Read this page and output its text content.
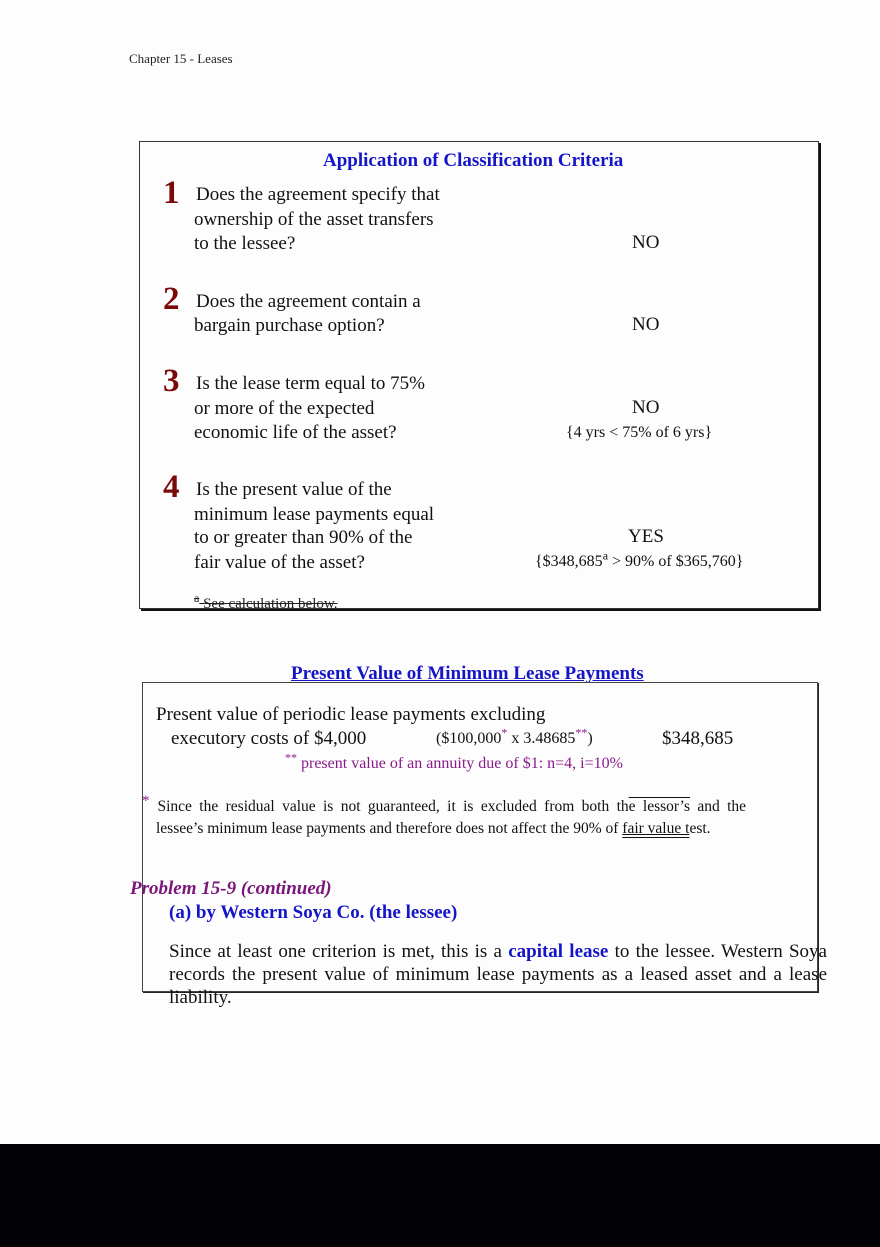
Chapter 15 - Leases
Application of Classification Criteria
1 Does the agreement specify that
ownership of the asset transfers
to the lessee?	NO
2 Does the agreement contain a
bargain purchase option?	NO
3 Is the lease term equal to 75%
or more of the expected
economic life of the asset?
NO
{4 yrs < 75% of 6 yrs}
4 Is the present value of the
minimum lease payments equal
to or greater than 90% of the
fair value of the asset?
YES
{$348,685$^a$ > 90% of $365,760}
$^a$ See calculation below.
Present Value of Minimum Lease Payments
Present value of periodic lease payments excluding
executory costs of $4,000	($100,000* x 3.48685**)	$348,685
** present value of an annuity due of $1: n=4, i=10%
* Since the residual value is not guaranteed, it is excluded from both the lessor’s and the
lessee’s minimum lease payments and therefore does not affect the 90% of fair value test.
Problem 15-9 (continued)
(a) by Western Soya Co. (the lessee)
Since at least one criterion is met, this is a capital lease to the lessee. Western Soya records the present value of minimum lease payments as a leased asset and a lease liability.
